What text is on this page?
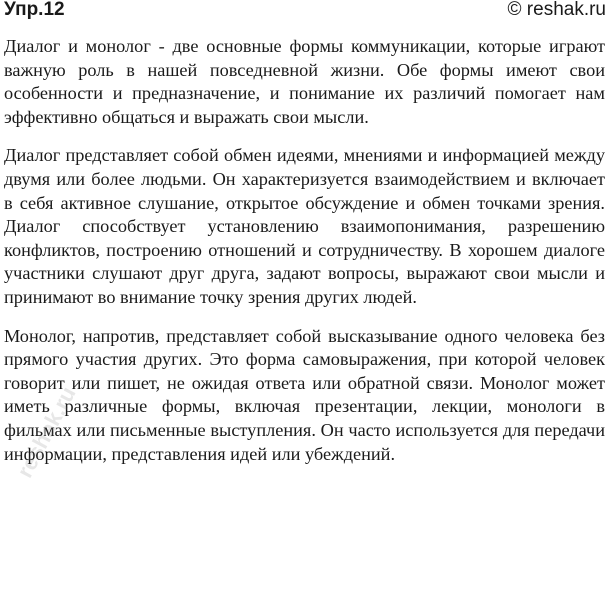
Упр.12	© reshak.ru

Диалог и монолог - две основные формы коммуникации, которые играют важную роль в нашей повседневной жизни. Обе формы имеют свои особенности и предназначение, и понимание их различий помогает нам эффективно общаться и выражать свои мысли.

Диалог представляет собой обмен идеями, мнениями и информацией между двумя или более людьми. Он характеризуется взаимодействием и включает в себя активное слушание, открытое обсуждение и обмен точками зрения. Диалог способствует установлению взаимопонимания, разрешению конфликтов, построению отношений и сотрудничеству. В хорошем диалоге участники слушают друг друга, задают вопросы, выражают свои мысли и принимают во внимание точку зрения других людей.

Монолог, напротив, представляет собой высказывание одного человека без прямого участия других. Это форма самовыражения, при которой человек говорит или пишет, не ожидая ответа или обратной связи. Монолог может иметь различные формы, включая презентации, лекции, монологи в фильмах или письменные выступления. Он часто используется для передачи информации, представления идей или убеждений.

reshak.ru
